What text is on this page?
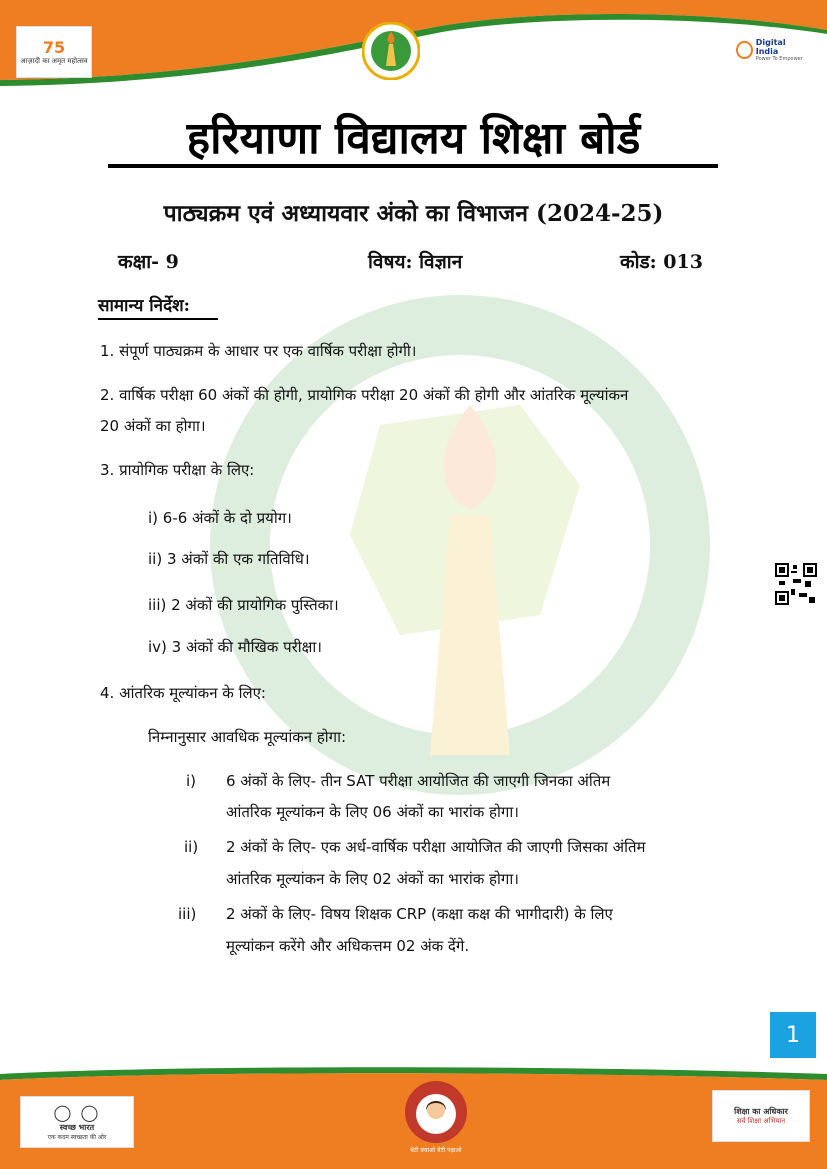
75
आज़ादी का अमृत महोत्सव
Digital India
Power To Empower
हरियाणा विद्यालय शिक्षा बोर्ड
पाठ्यक्रम एवं अध्यायवार अंको का विभाजन (2024-25)
कक्षा- 9	विषय: विज्ञान	कोड: 013
सामान्य निर्देश:
1. संपूर्ण पाठ्यक्रम के आधार पर एक वार्षिक परीक्षा होगी।
2. वार्षिक परीक्षा 60 अंकों की होगी, प्रायोगिक परीक्षा 20 अंकों की होगी और आंतरिक मूल्यांकन
20 अंकों का होगा।
3. प्रायोगिक परीक्षा के लिए:
i) 6-6 अंकों के दो प्रयोग।
ii) 3 अंकों की एक गतिविधि।
iii) 2 अंकों की प्रायोगिक पुस्तिका।
iv) 3 अंकों की मौखिक परीक्षा।
4. आंतरिक मूल्यांकन के लिए:
निम्नानुसार आवधिक मूल्यांकन होगा:
i) 6 अंकों के लिए- तीन SAT परीक्षा आयोजित की जाएगी जिनका अंतिम
आंतरिक मूल्यांकन के लिए 06 अंकों का भारांक होगा।
ii) 2 अंकों के लिए- एक अर्ध-वार्षिक परीक्षा आयोजित की जाएगी जिसका अंतिम
आंतरिक मूल्यांकन के लिए 02 अंकों का भारांक होगा।
iii) 2 अंकों के लिए- विषय शिक्षक CRP (कक्षा कक्ष की भागीदारी) के लिए
मूल्यांकन करेंगे और अधिकत्तम 02 अंक देंगे.
1
◯ ◯
स्वच्छ भारत
एक कदम स्वच्छता की ओर
बेटी बचाओ बेटी पढ़ाओ
शिक्षा का अधिकार
सर्व शिक्षा अभियान
